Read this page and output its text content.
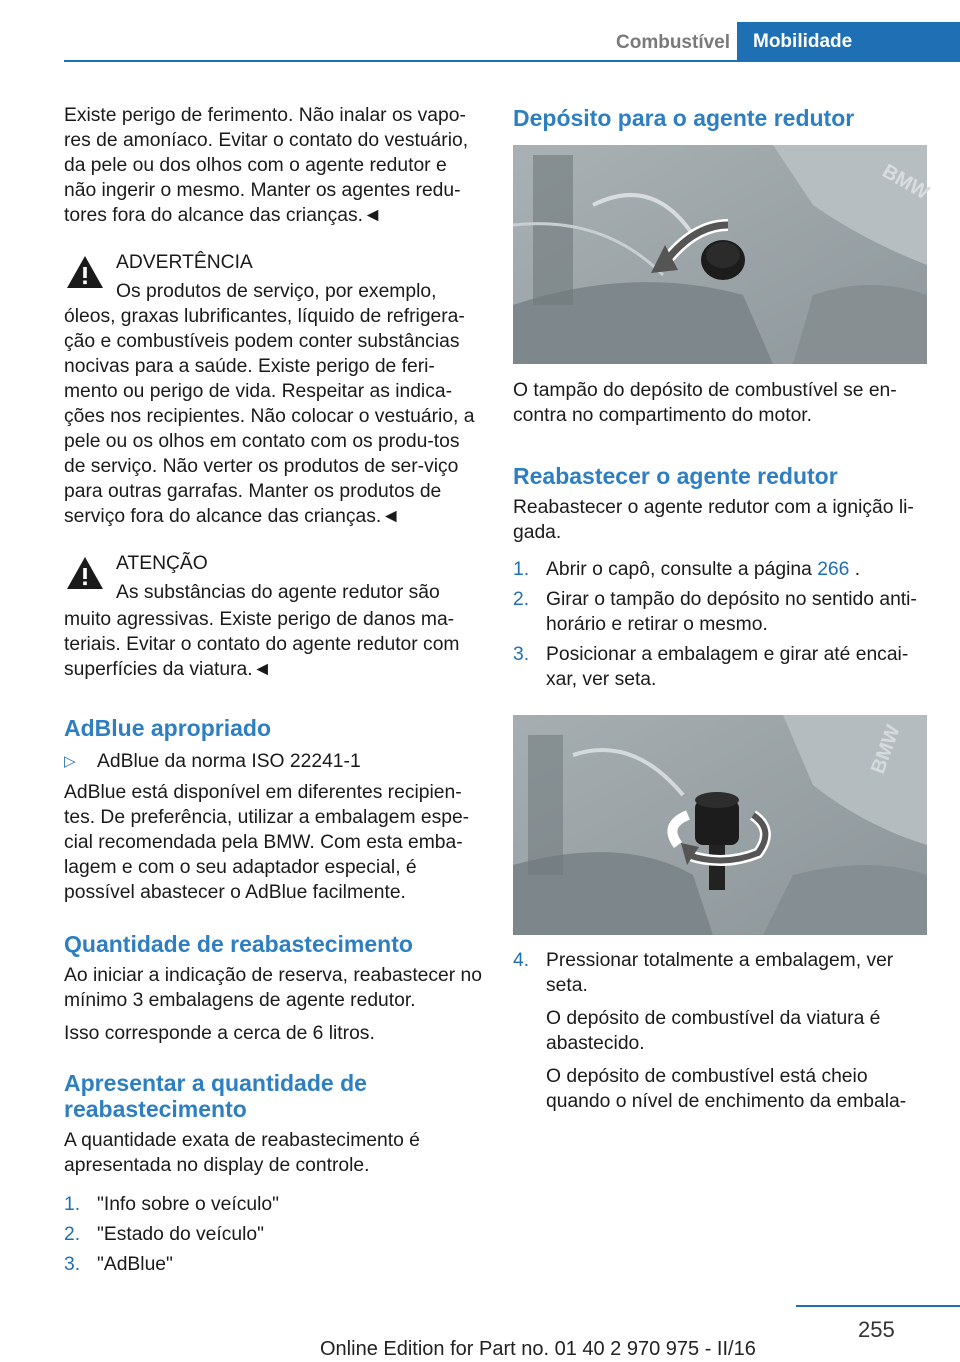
Combustível	Mobilidade

Existe perigo de ferimento. Não inalar os vapo-res de amoníaco. Evitar o contato do vestuário, da pele ou dos olhos com o agente redutor e não ingerir o mesmo. Manter os agentes redu-tores fora do alcance das crianças.◄

ADVERTÊNCIA

Os produtos de serviço, por exemplo,

óleos, graxas lubrificantes, líquido de refrigera-ção e combustíveis podem conter substâncias nocivas para a saúde. Existe perigo de feri-mento ou perigo de vida. Respeitar as indica-ções nos recipientes. Não colocar o vestuário, a pele ou os olhos em contato com os produ-tos de serviço. Não verter os produtos de ser-viço para outras garrafas. Manter os produtos de serviço fora do alcance das crianças.◄

ATENÇÃO

As substâncias do agente redutor são

muito agressivas. Existe perigo de danos ma-teriais. Evitar o contato do agente redutor com superfícies da viatura.◄

AdBlue apropriado

▷ AdBlue da norma ISO 22241-1

AdBlue está disponível em diferentes recipien-tes. De preferência, utilizar a embalagem espe-cial recomendada pela BMW. Com esta emba-lagem e com o seu adaptador especial, é possível abastecer o AdBlue facilmente.

Quantidade de reabastecimento

Ao iniciar a indicação de reserva, reabastecer no mínimo 3 embalagens de agente redutor.

Isso corresponde a cerca de 6 litros.

Apresentar a quantidade de

reabastecimento

A quantidade exata de reabastecimento é apresentada no display de controle.

1. "Info sobre o veículo"
2. "Estado do veículo"
3. "AdBlue"

Depósito para o agente redutor

BMW

O tampão do depósito de combustível se en-contra no compartimento do motor.

Reabastecer o agente redutor

Reabastecer o agente redutor com a ignição li-gada.

1. Abrir o capô, consulte a página 266 .
2. Girar o tampão do depósito no sentido anti-horário e retirar o mesmo.
3. Posicionar a embalagem e girar até encai-xar, ver seta.
BMW
4. Pressionar totalmente a embalagem, ver seta.

O depósito de combustível da viatura é abastecido.

O depósito de combustível está cheio quando o nível de enchimento da embala-

255
Online Edition for Part no. 01 40 2 970 975 - II/16
